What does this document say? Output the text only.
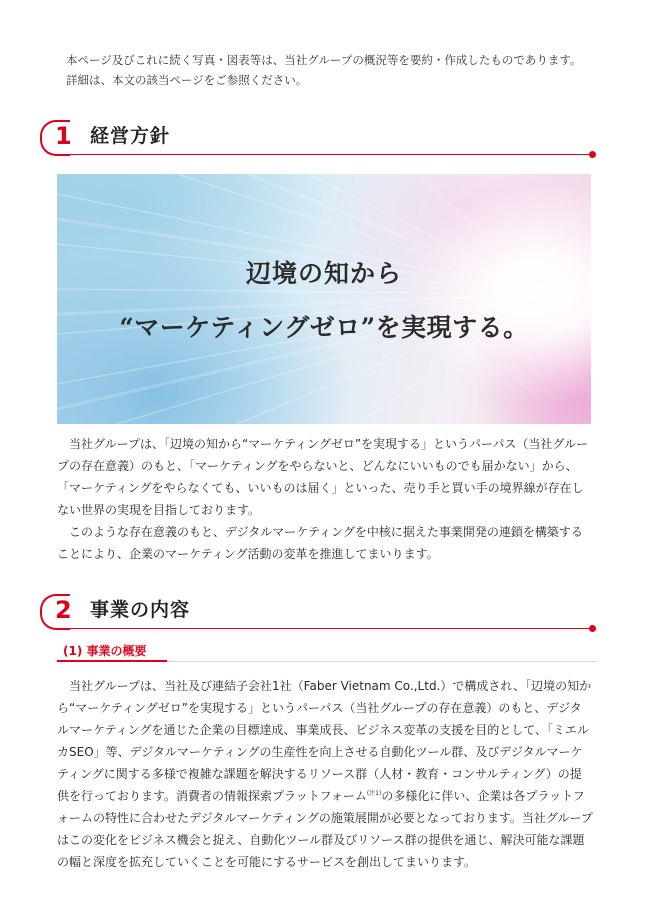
本ページ及びこれに続く写真・図表等は、当社グループの概況等を要約・作成したものであります。

詳細は、本文の該当ページをご参照ください。

1 経営方針
辺境の知から
“マーケティングゼロ”を実現する。

当社グループは、「辺境の知から“マーケティングゼロ”を実現する」というパーパス（当社グループの存在意義）のもと、「マーケティングをやらないと、どんなにいいものでも届かない」から、「マーケティングをやらなくても、いいものは届く」といった、売り手と買い手の境界線が存在しない世界の実現を目指しております。

このような存在意義のもと、デジタルマーケティングを中核に据えた事業開発の連鎖を構築することにより、企業のマーケティング活動の変革を推進してまいります。

2 事業の内容
(1) 事業の概要

当社グループは、当社及び連結子会社1社（Faber Vietnam Co.,Ltd.）で構成され、「辺境の知から“マーケティングゼロ”を実現する」というパーパス（当社グループの存在意義）のもと、デジタルマーケティングを通じた企業の目標達成、事業成長、ビジネス変革の支援を目的として、「ミエルカSEO」等、デジタルマーケティングの生産性を向上させる自動化ツール群、及びデジタルマーケティングに関する多様で複雑な課題を解決するリソース群（人材・教育・コンサルティング）の提供を行っております。消費者の情報探索プラットフォーム$^{(注1)}$の多様化に伴い、企業は各プラットフォームの特性に合わせたデジタルマーケティングの施策展開が必要となっております。当社グループはこの変化をビジネス機会と捉え、自動化ツール群及びリソース群の提供を通じ、解決可能な課題の幅と深度を拡充していくことを可能にするサービスを創出してまいります。
